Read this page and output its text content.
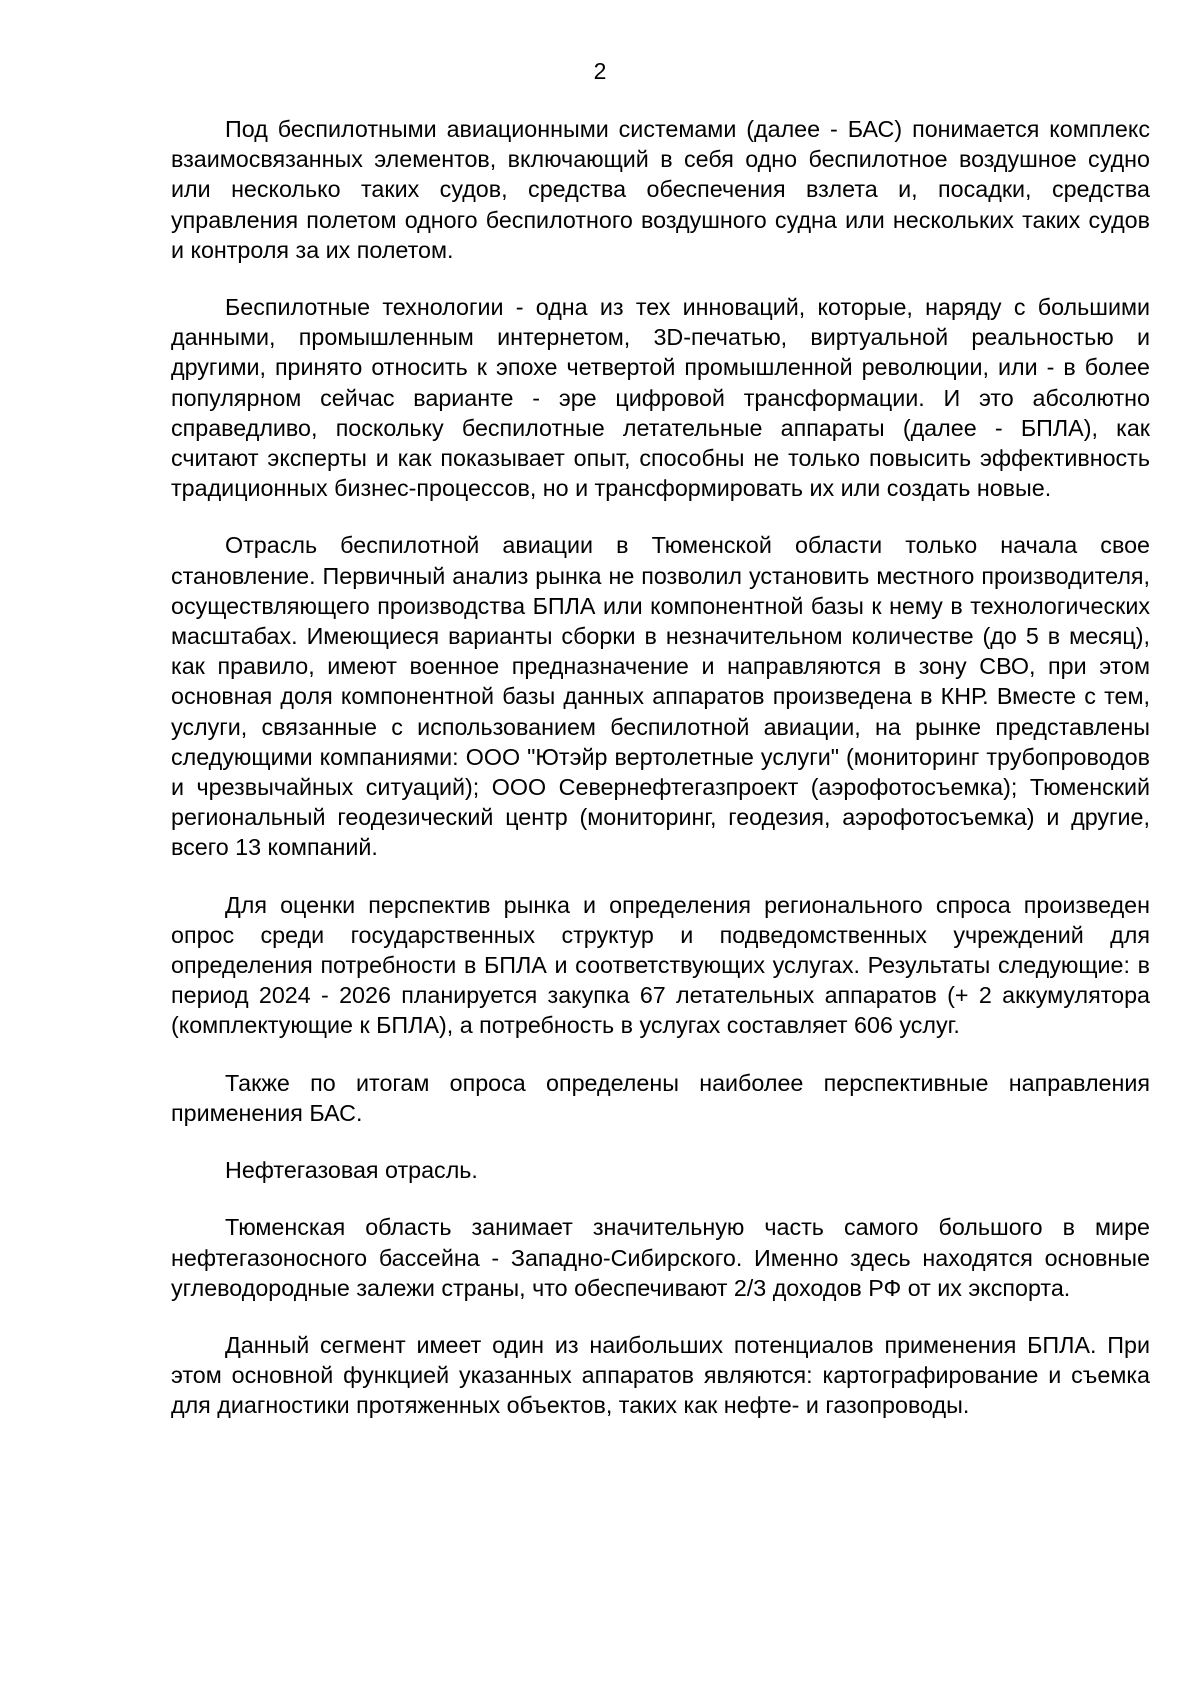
2

Под беспилотными авиационными системами (далее - БАС) понимается комплекс взаимосвязанных элементов, включающий в себя одно беспилотное воздушное судно или несколько таких судов, средства обеспечения взлета и, посадки, средства управления полетом одного беспилотного воздушного судна или нескольких таких судов и контроля за их полетом.

Беспилотные технологии - одна из тех инноваций, которые, наряду с большими данными, промышленным интернетом, 3D-печатью, виртуальной реальностью и другими, принято относить к эпохе четвертой промышленной революции, или - в более популярном сейчас варианте - эре цифровой трансформации. И это абсолютно справедливо, поскольку беспилотные летательные аппараты (далее - БПЛА), как считают эксперты и как показывает опыт, способны не только повысить эффективность традиционных бизнес-процессов, но и трансформировать их или создать новые.

Отрасль беспилотной авиации в Тюменской области только начала свое становление. Первичный анализ рынка не позволил установить местного производителя, осуществляющего производства БПЛА или компонентной базы к нему в технологических масштабах. Имеющиеся варианты сборки в незначительном количестве (до 5 в месяц), как правило, имеют военное предназначение и направляются в зону СВО, при этом основная доля компонентной базы данных аппаратов произведена в КНР. Вместе с тем, услуги, связанные с использованием беспилотной авиации, на рынке представлены следующими компаниями: ООО "Ютэйр вертолетные услуги" (мониторинг трубопроводов и чрезвычайных ситуаций); ООО Севернефтегазпроект (аэрофотосъемка); Тюменский региональный геодезический центр (мониторинг, геодезия, аэрофотосъемка) и другие, всего 13 компаний.

Для оценки перспектив рынка и определения регионального спроса произведен опрос среди государственных структур и подведомственных учреждений для определения потребности в БПЛА и соответствующих услугах. Результаты следующие: в период 2024 - 2026 планируется закупка 67 летательных аппаратов (+ 2 аккумулятора (комплектующие к БПЛА), а потребность в услугах составляет 606 услуг.

Также по итогам опроса определены наиболее перспективные направления применения БАС.

Нефтегазовая отрасль.

Тюменская область занимает значительную часть самого большого в мире нефтегазоносного бассейна - Западно-Сибирского. Именно здесь находятся основные углеводородные залежи страны, что обеспечивают 2/3 доходов РФ от их экспорта.

Данный сегмент имеет один из наибольших потенциалов применения БПЛА. При этом основной функцией указанных аппаратов являются: картографирование и съемка для диагностики протяженных объектов, таких как нефте- и газопроводы.
